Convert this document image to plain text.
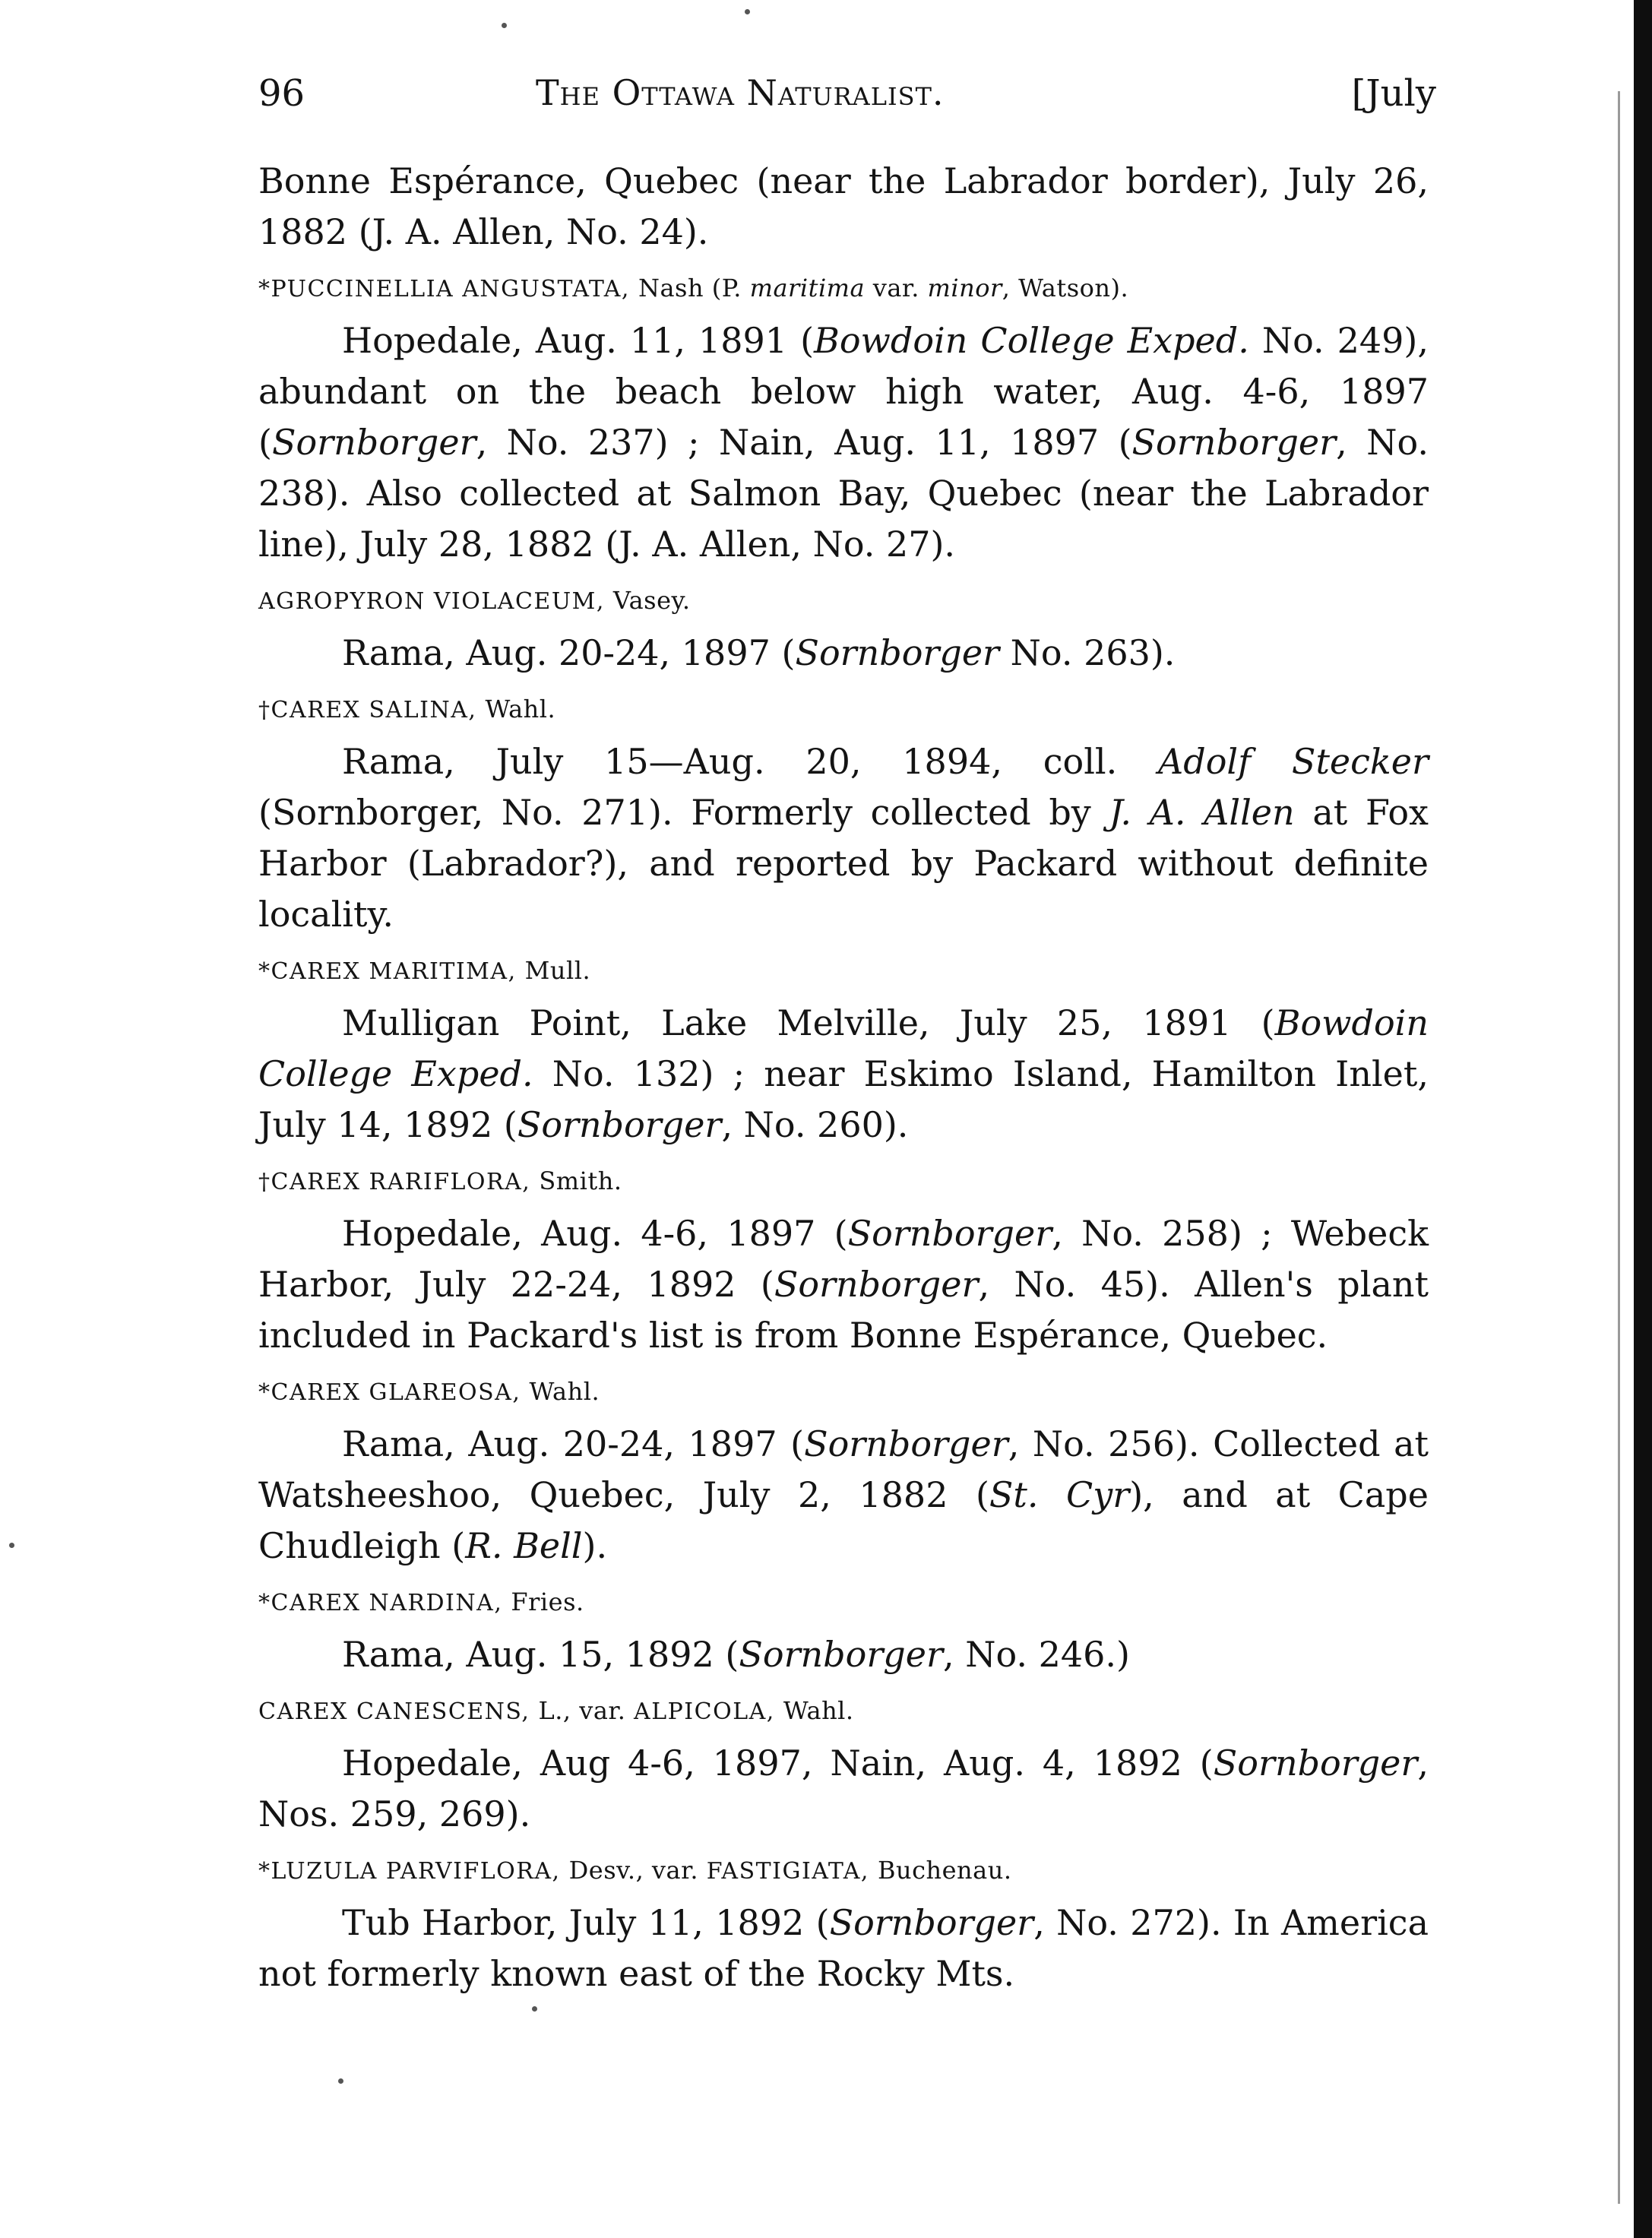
96	The Ottawa Naturalist.	[July

Bonne Espérance, Quebec (near the Labrador border), July 26, 1882 (J. A. Allen, No. 24).

*PUCCINELLIA ANGUSTATA, Nash (P. maritima var. minor, Watson).

Hopedale, Aug. 11, 1891 (Bowdoin College Exped. No. 249), abundant on the beach below high water, Aug. 4-6, 1897 (Sornborger, No. 237) ; Nain, Aug. 11, 1897 (Sornborger, No. 238). Also collected at Salmon Bay, Quebec (near the Labrador line), July 28, 1882 (J. A. Allen, No. 27).

AGROPYRON VIOLACEUM, Vasey.

Rama, Aug. 20-24, 1897 (Sornborger No. 263).

†CAREX SALINA, Wahl.

Rama, July 15—Aug. 20, 1894, coll. Adolf Stecker (Sornborger, No. 271). Formerly collected by J. A. Allen at Fox Harbor (Labrador?), and reported by Packard without definite locality.

*CAREX MARITIMA, Mull.

Mulligan Point, Lake Melville, July 25, 1891 (Bowdoin College Exped. No. 132) ; near Eskimo Island, Hamilton Inlet, July 14, 1892 (Sornborger, No. 260).

†CAREX RARIFLORA, Smith.

Hopedale, Aug. 4-6, 1897 (Sornborger, No. 258) ; Webeck Harbor, July 22-24, 1892 (Sornborger, No. 45). Allen's plant included in Packard's list is from Bonne Espérance, Quebec.

*CAREX GLAREOSA, Wahl.

Rama, Aug. 20-24, 1897 (Sornborger, No. 256). Collected at Watsheeshoo, Quebec, July 2, 1882 (St. Cyr), and at Cape Chudleigh (R. Bell).

*CAREX NARDINA, Fries.

Rama, Aug. 15, 1892 (Sornborger, No. 246.)

CAREX CANESCENS, L., var. ALPICOLA, Wahl.

Hopedale, Aug 4-6, 1897, Nain, Aug. 4, 1892 (Sornborger, Nos. 259, 269).

*LUZULA PARVIFLORA, Desv., var. FASTIGIATA, Buchenau.

Tub Harbor, July 11, 1892 (Sornborger, No. 272). In America not formerly known east of the Rocky Mts.
